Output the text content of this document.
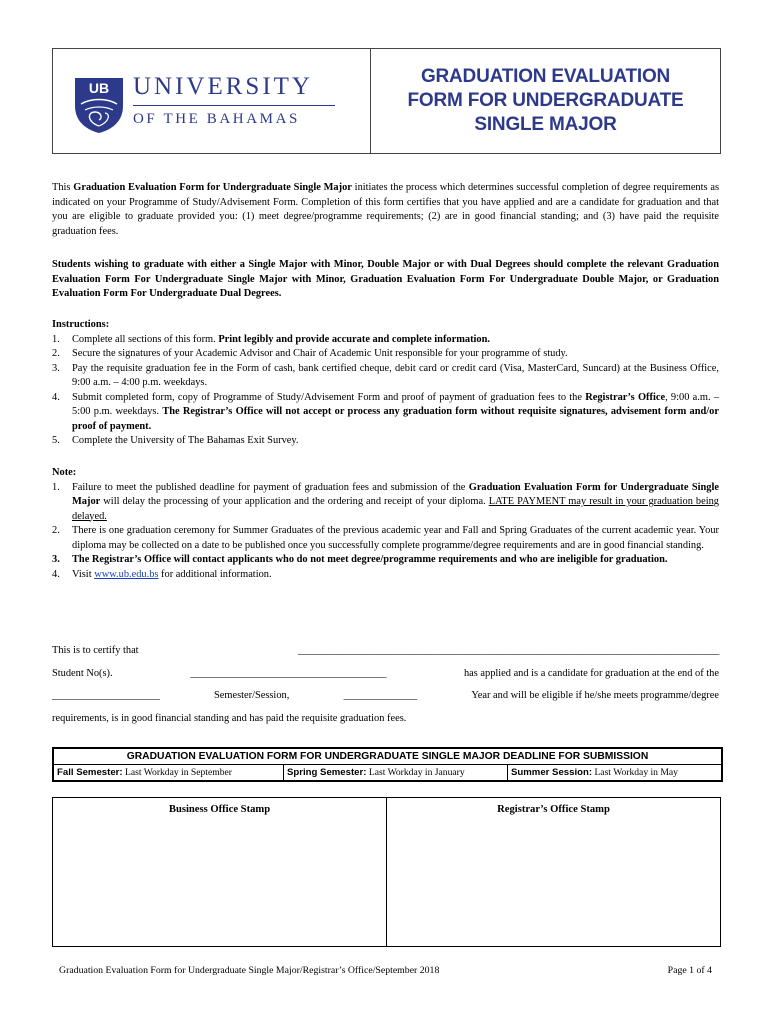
UB UNIVERSITY
OF THE BAHAMAS
GRADUATION EVALUATION FORM FOR UNDERGRADUATE SINGLE MAJOR
This Graduation Evaluation Form for Undergraduate Single Major initiates the process which determines successful completion of degree requirements as indicated on your Programme of Study/Advisement Form. Completion of this form certifies that you have applied and are a candidate for graduation and that you are eligible to graduate provided you: (1) meet degree/programme requirements; (2) are in good financial standing; and (3) have paid the requisite graduation fees.
Students wishing to graduate with either a Single Major with Minor, Double Major or with Dual Degrees should complete the relevant Graduation Evaluation Form For Undergraduate Single Major with Minor, Graduation Evaluation Form For Undergraduate Double Major, or Graduation Evaluation Form For Undergraduate Dual Degrees.
Instructions:
1.	Complete all sections of this form. Print legibly and provide accurate and complete information.
2.	Secure the signatures of your Academic Advisor and Chair of Academic Unit responsible for your programme of study.
3.	Pay the requisite graduation fee in the Form of cash, bank certified cheque, debit card or credit card (Visa, MasterCard, Suncard) at the Business Office, 9:00 a.m. – 4:00 p.m. weekdays.
4.	Submit completed form, copy of Programme of Study/Advisement Form and proof of payment of graduation fees to the Registrar’s Office, 9:00 a.m. – 5:00 p.m. weekdays. The Registrar’s Office will not accept or process any graduation form without requisite signatures, advisement form and/or proof of payment.
5.	Complete the University of The Bahamas Exit Survey.
Note:
1.	Failure to meet the published deadline for payment of graduation fees and submission of the Graduation Evaluation Form for Undergraduate Single Major will delay the processing of your application and the ordering and receipt of your diploma. LATE PAYMENT may result in your graduation being delayed.
2.	There is one graduation ceremony for Summer Graduates of the previous academic year and Fall and Spring Graduates of the current academic year. Your diploma may be collected on a date to be published once you successfully complete programme/degree requirements and are in good financial standing.
3.	The Registrar’s Office will contact applicants who do not meet degree/programme requirements and who are ineligible for graduation.
4.	Visit www.ub.edu.bs for additional information.
This is to certify that	______________________________________________________________________________________
Student No(s).	________________________________________	has applied and is a candidate for graduation at the end of the
______________________	Semester/Session,	_______________	Year and will be eligible if he/she meets programme/degree
requirements, is in good financial standing and has paid the requisite graduation fees.
GRADUATION EVALUATION FORM FOR UNDERGRADUATE SINGLE MAJOR DEADLINE FOR SUBMISSION
Fall Semester: Last Workday in September	Spring Semester: Last Workday in January	Summer Session: Last Workday in May
Business Office Stamp	Registrar’s Office Stamp
Graduation Evaluation Form for Undergraduate Single Major/Registrar’s Office/September 2018	Page 1 of 4
